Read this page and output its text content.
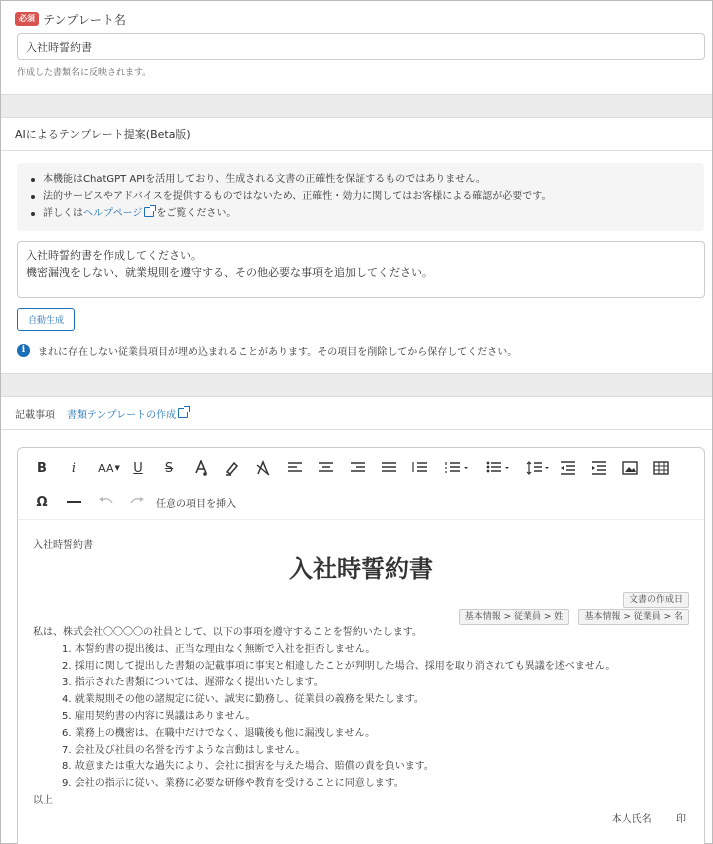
必須 テンプレート名
入社時誓約書
作成した書類名に反映されます。
AIによるテンプレート提案(Beta版)
本機能はChatGPT APIを活用しており、生成される文書の正確性を保証するものではありません。
法的サービスやアドバイスを提供するものではないため、正確性・効力に関してはお客様による確認が必要です。
詳しくはヘルプページ をご覧ください。
入社時誓約書を作成してください。 機密漏洩をしない、就業規則を遵守する、その他必要な事項を追加してください。 自動生成
i	まれに存在しない従業員項目が埋め込まれることがあります。その項目を削除してから保存してください。
記載事項 書類テンプレートの作成
B	i	AA ▼	U	S
Ω	任意の項目を挿入
入社時誓約書
入社時誓約書
文書の作成日
基本情報 > 従業員 > 姓 基本情報 > 従業員 > 名
私は、株式会社〇〇〇〇の社員として、以下の事項を遵守することを誓約いたします。
1. 本誓約書の提出後は、正当な理由なく無断で入社を拒否しません。
2. 採用に関して提出した書類の記載事項に事実と相違したことが判明した場合、採用を取り消されても異議を述べません。
3. 指示された書類については、遅滞なく提出いたします。
4. 就業規則その他の諸規定に従い、誠実に勤務し、従業員の義務を果たします。
5. 雇用契約書の内容に異議はありません。
6. 業務上の機密は、在職中だけでなく、退職後も他に漏洩しません。
7. 会社及び社員の名誉を汚すような言動はしません。
8. 故意または重大な過失により、会社に損害を与えた場合、賠償の責を負います。
9. 会社の指示に従い、業務に必要な研修や教育を受けることに同意します。
以上
本人氏名 印
